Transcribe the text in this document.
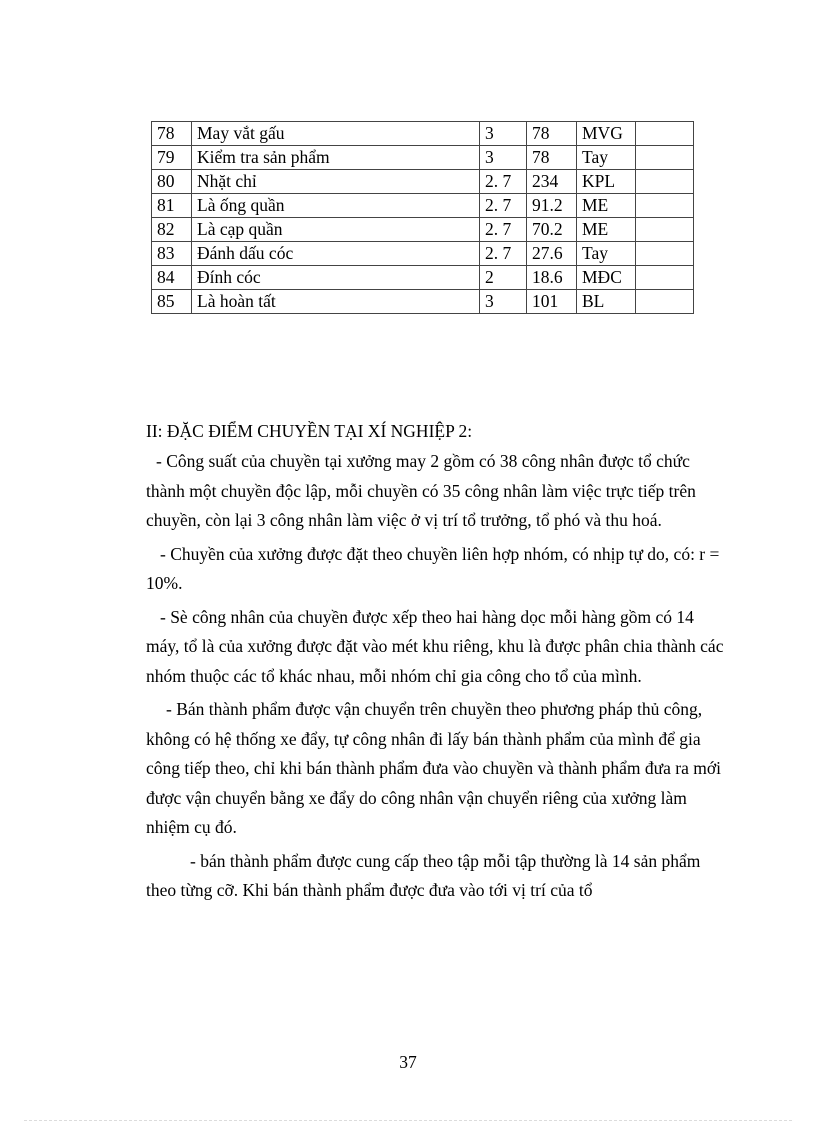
78	May vắt gấu	3	78	MVG	
79	Kiểm tra sản phẩm	3	78	Tay	
80	Nhặt chỉ	2. 7	234	KPL	
81	Là ống quần	2. 7	91.2	ME	
82	Là cạp quần	2. 7	70.2	ME	
83	Đánh dấu cóc	2. 7	27.6	Tay	
84	Đính cóc	2	18.6	MĐC	
85	Là hoàn tất	3	101	BL	

II: ĐẶC ĐIỂM CHUYỀN TẠI XÍ NGHIỆP 2:

- Công suất của chuyền tại xưởng may 2 gồm có 38 công nhân được tổ chức thành một chuyền độc lập, mỗi chuyền có 35 công nhân làm việc trực tiếp trên chuyền, còn lại 3 công nhân làm việc ở vị trí tổ trưởng, tổ phó và thu hoá.

- Chuyền của xưởng được đặt theo chuyền liên hợp nhóm, có nhịp tự do, có: r = 10%.

- Sè công nhân của chuyền được xếp theo hai hàng dọc mỗi hàng gồm có 14 máy, tổ là của xưởng được đặt vào mét khu riêng, khu là được phân chia thành các nhóm thuộc các tổ khác nhau, mỗi nhóm chỉ gia công cho tổ của mình.

- Bán thành phẩm được vận chuyển trên chuyền theo phương pháp thủ công, không có hệ thống xe đẩy, tự công nhân đi lấy bán thành phẩm của mình để gia công tiếp theo, chỉ khi bán thành phẩm đưa vào chuyền và thành phẩm đưa ra mới được vận chuyển bằng xe đẩy do công nhân vận chuyển riêng của xưởng làm nhiệm cụ đó.

- bán thành phẩm được cung cấp theo tập mỗi tập thường là 14 sản phẩm theo từng cỡ. Khi bán thành phẩm được đưa vào tới vị trí của tổ

37
